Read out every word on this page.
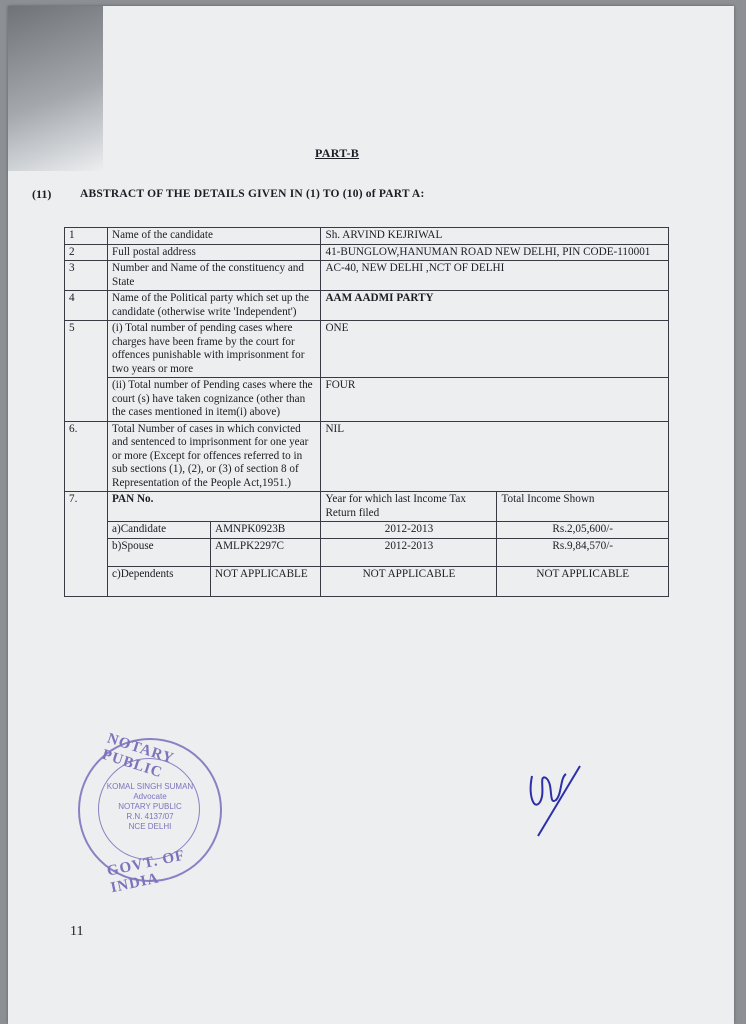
PART-B
(11) ABSTRACT OF THE DETAILS GIVEN IN (1) TO (10) of PART A:
1	Name of the candidate		Sh. ARVIND KEJRIWAL	
2	Full postal address		41-BUNGLOW,HANUMAN ROAD NEW DELHI, PIN CODE-110001	
3	Number and Name of the constituency and State		AC-40, NEW DELHI ,NCT OF DELHI	
4	Name of the Political party which set up the candidate (otherwise write 'Independent')		AAM AADMI PARTY	
5	(i) Total number of pending cases where charges have been frame by the court for offences punishable with imprisonment for two years or more		ONE	
	(ii) Total number of Pending cases where the court (s) have taken cognizance (other than the cases mentioned in item(i) above)		FOUR	
6.	Total Number of cases in which convicted and sentenced to imprisonment for one year or more (Except for offences referred to in sub sections (1), (2), or (3) of section 8 of Representation of the People Act,1951.)		NIL	
7.	PAN No.		Year for which last Income Tax Return filed	Total Income Shown
	a)Candidate	AMNPK0923B	2012-2013	Rs.2,05,600/-
	b)Spouse	AMLPK2297C	2012-2013	Rs.9,84,570/-
	c)Dependents	NOT APPLICABLE	NOT APPLICABLE	NOT APPLICABLE
NOTARY PUBLIC
KOMAL SINGH SUMAN
Advocate
NOTARY PUBLIC
R.N. 4137/07
NCE DELHI
GOVT. OF INDIA
11
